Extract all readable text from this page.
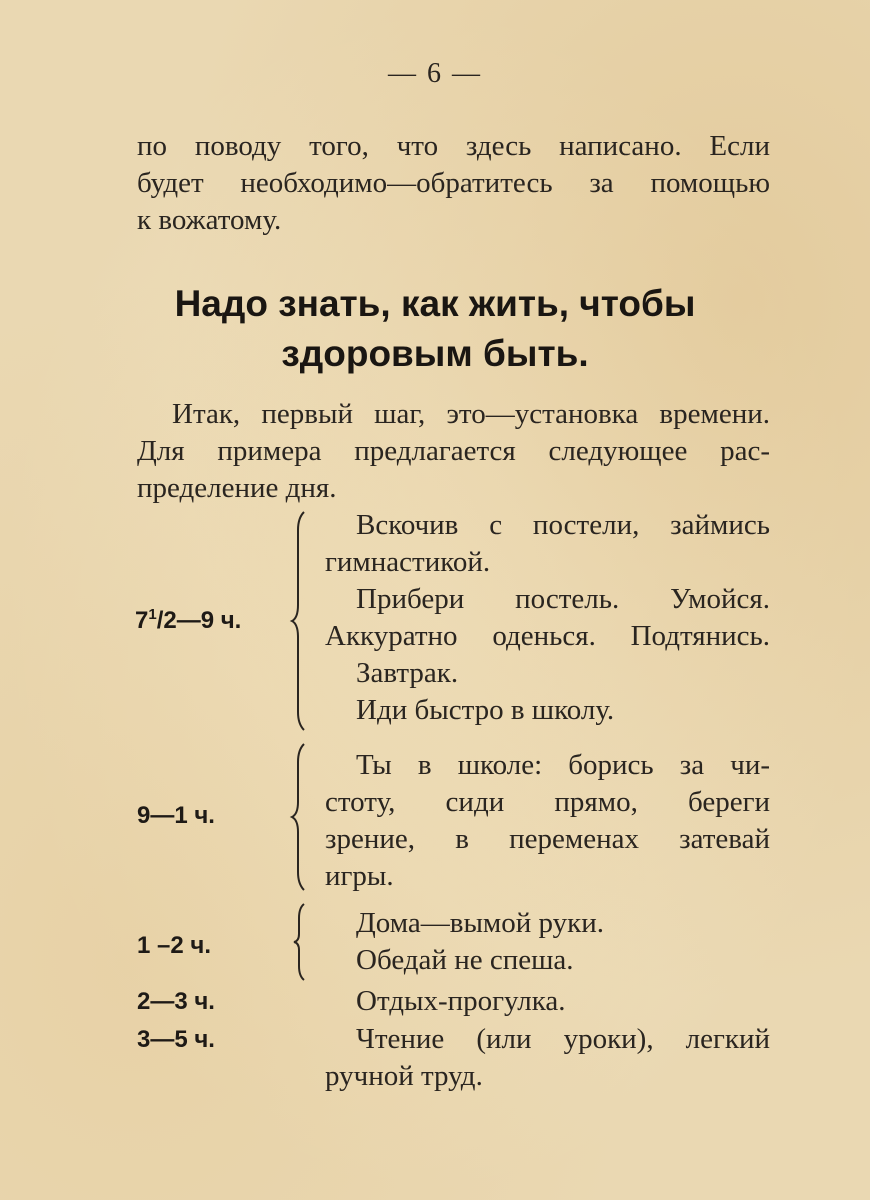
— 6 —
по поводу того, что здесь написано. Если
будет необходимо—обратитесь за помощью
к вожатому.
Надо знать, как жить, чтобы
здоровым быть.
Итак, первый шаг, это—установка времени.
Для примера предлагается следующее рас-
пределение дня.
$7^1/2—9$ ч.
Вскочив с постели, займись
гимнастикой.
Прибери постель. Умойся.
Аккуратно оденься. Подтянись.
Завтрак.
Иди быстро в школу.
9—1 ч.
Ты в школе: борись за чи-
стоту, сиди прямо, береги
зрение, в переменах затевай
игры.
1 –2 ч.
Дома—вымой руки.
Обедай не спеша.
2—3 ч.	Отдых-прогулка.
3—5 ч.	Чтение (или уроки), легкий
ручной труд.
